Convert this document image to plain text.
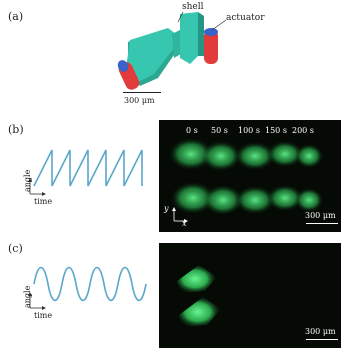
(a)
shell
actuator
300 μm
(b)
angle
time
0 s 50 s 100 s 150 s 200 s
y
x
300 μm
(c)
angle
time
300 μm
